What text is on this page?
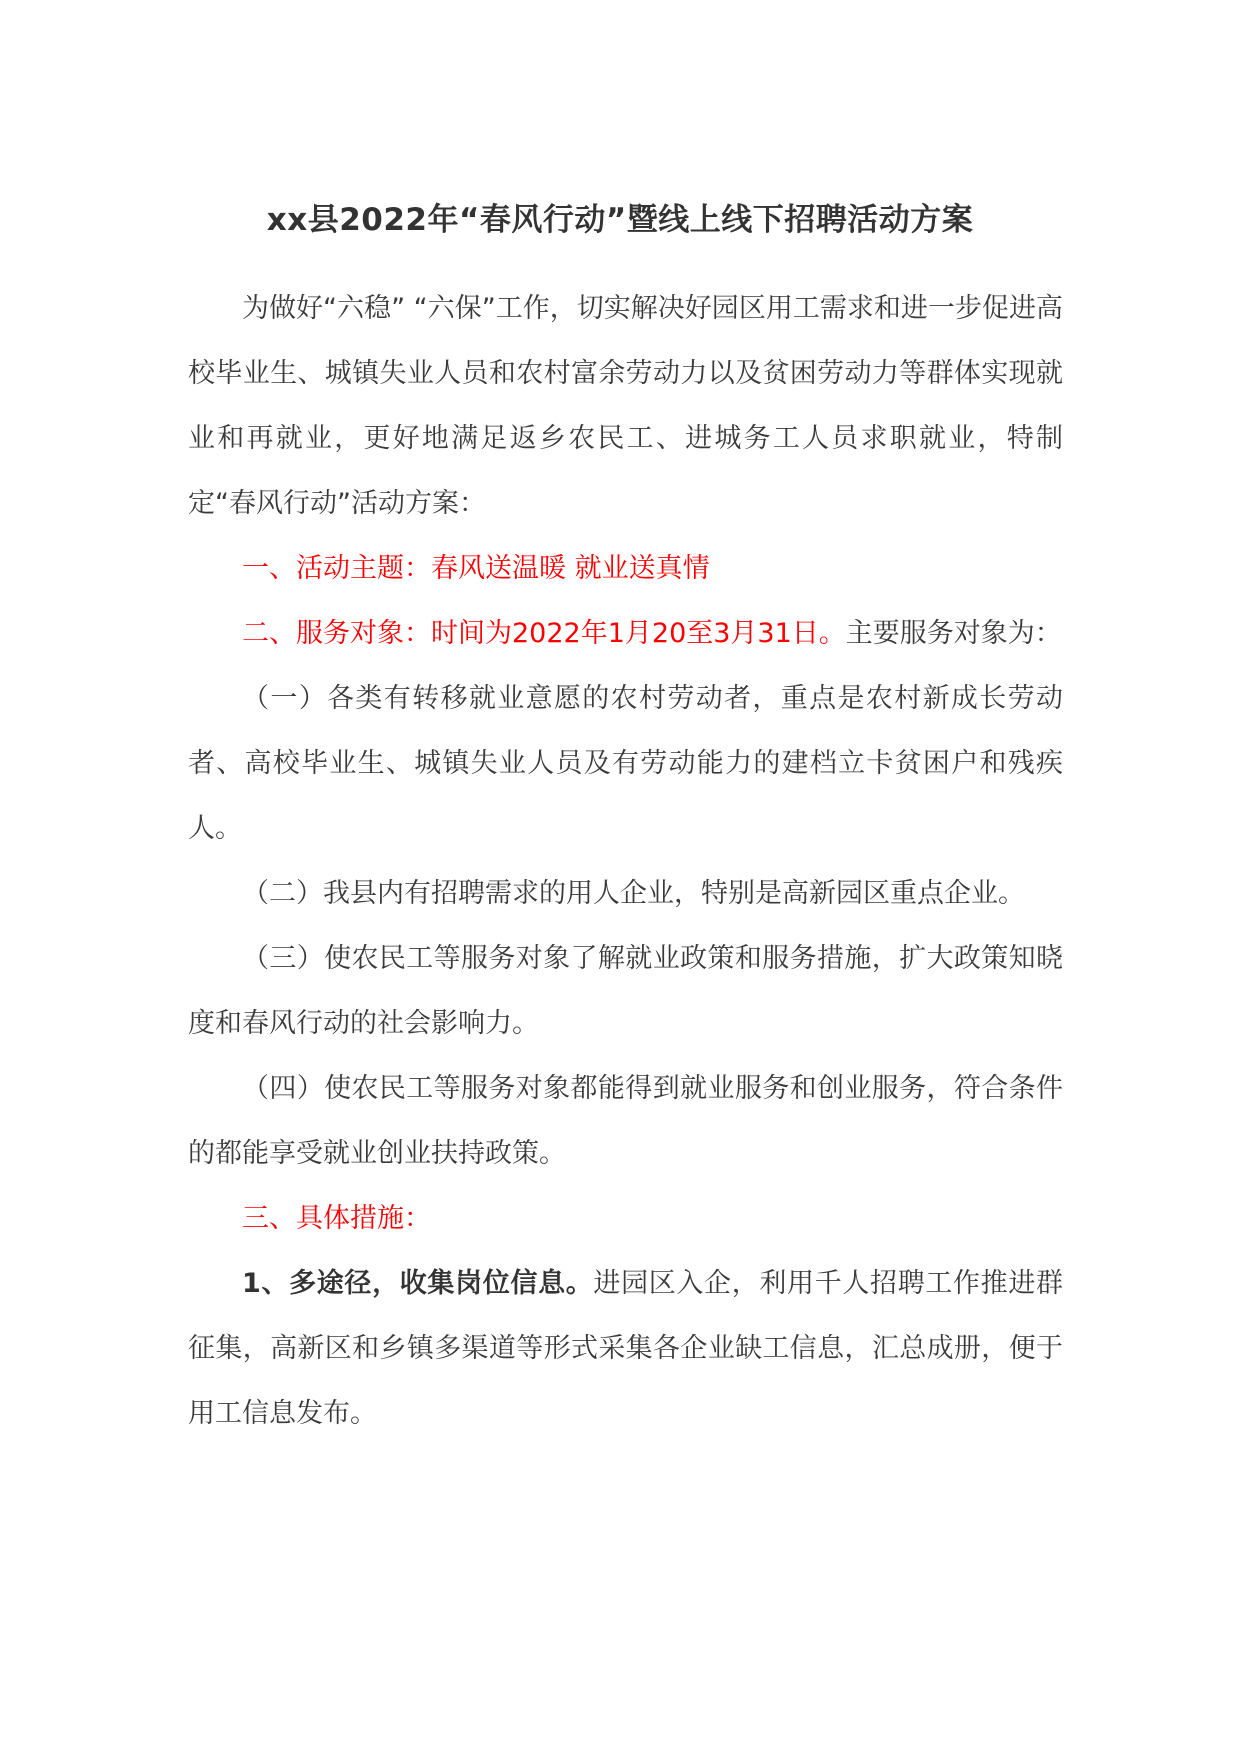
xx县2022年“春风行动”暨线上线下招聘活动方案

为做好“六稳” “六保”工作，切实解决好园区用工需求和进一步促进高校毕业生、城镇失业人员和农村富余劳动力以及贫困劳动力等群体实现就业和再就业，更好地满足返乡农民工、进城务工人员求职就业，特制定“春风行动”活动方案：

一、活动主题：春风送温暖 就业送真情

二、服务对象：时间为2022年1月20至3月31日。主要服务对象为：

（一）各类有转移就业意愿的农村劳动者，重点是农村新成长劳动者、高校毕业生、城镇失业人员及有劳动能力的建档立卡贫困户和残疾人。

（二）我县内有招聘需求的用人企业，特别是高新园区重点企业。

（三）使农民工等服务对象了解就业政策和服务措施，扩大政策知晓度和春风行动的社会影响力。

（四）使农民工等服务对象都能得到就业服务和创业服务，符合条件的都能享受就业创业扶持政策。

三、具体措施：

1、多途径，收集岗位信息。进园区入企，利用千人招聘工作推进群征集，高新区和乡镇多渠道等形式采集各企业缺工信息，汇总成册，便于用工信息发布。
